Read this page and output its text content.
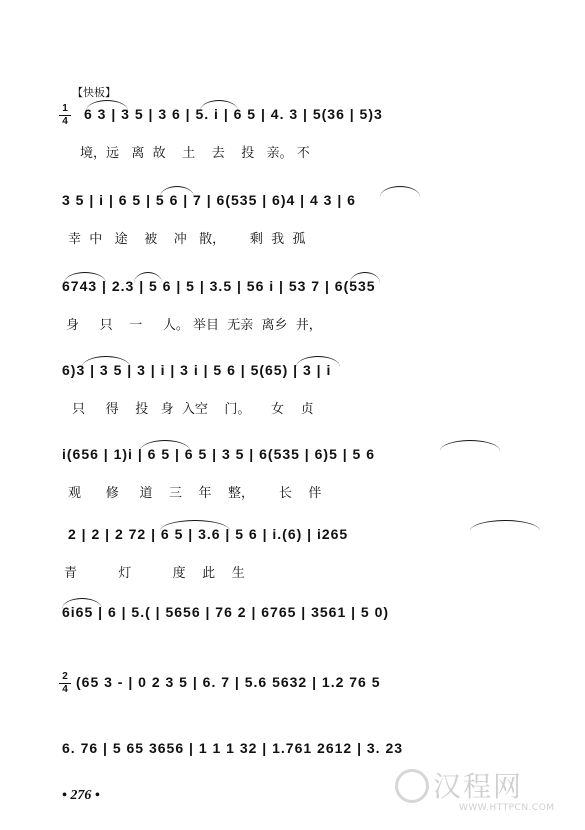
【快板】
1
4	6 3 | 3 5 | 3 6 | 5. i | 6 5 | 4. 3 | 5(36 | 5)3
境，远   离  故    土    去    投   亲。 不
3 5 | i | 6 5 | 5 6 | 7 | 6(535 | 6)4 | 4 3 | 6
幸  中   途    被    冲   散，      剩  我  孤
6743 | 2.3 | 5 6 | 5 | 3.5 | 56 i | 53 7 | 6(535
身     只    一     人。 举目  无亲  离乡  井，
6)3 | 3 5 | 3 | i | 3 i | 5 6 | 5(65) | 3 | i
只     得    投   身  入空    门。     女    贞
i(656 | 1)i | 6 5 | 6 5 | 3 5 | 6(535 | 6)5 | 5 6
观      修     道    三    年    整，      长    伴
2 | 2 | 2 72 | 6 5 | 3.6 | 5 6 | i.(6) | i265
青          灯          度    此    生
6i65 | 6 | 5.( | 5656 | 76 2 | 6765 | 3561 | 5 0)
2
4 (65 3 - | 0 2 3 5 | 6. 7 | 5.6 5632 | 1.2 76 5
6. 76 | 5 65 3656 | 1 1 1 32 | 1.761 2612 | 3. 23
• 276 •	汉程网
WWW.HTTPCN.COM
